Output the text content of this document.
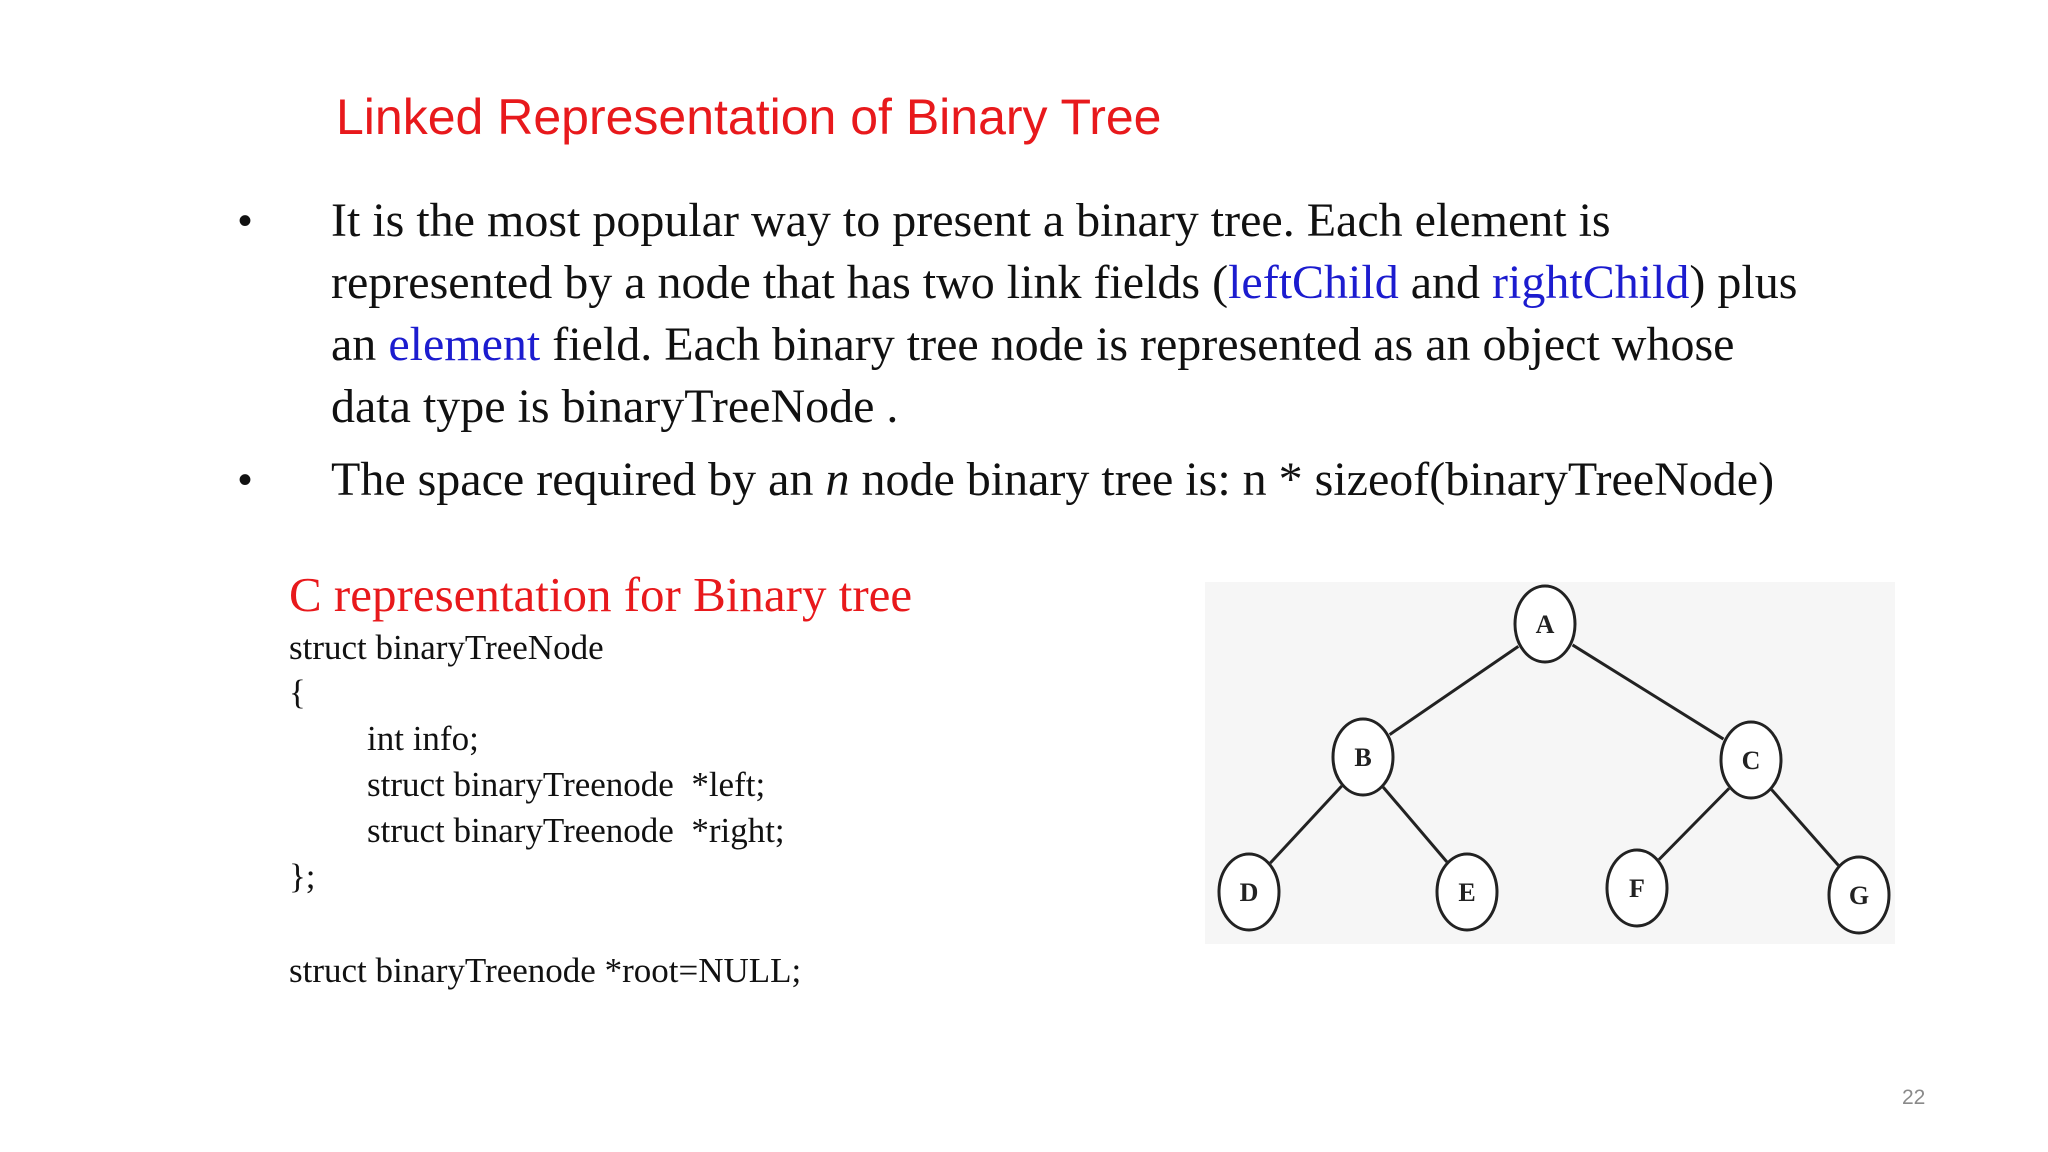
Linked Representation of Binary Tree
• It is the most popular way to present a binary tree. Each element is
represented by a node that has two link fields (leftChild and rightChild) plus
an element field. Each binary tree node is represented as an object whose
data type is binaryTreeNode .
• The space required by an n node binary tree is: n * sizeof(binaryTreeNode)
C representation for Binary tree
struct binaryTreeNode
{
int info;
struct binaryTreenode  *left;
struct binaryTreenode  *right;
};
struct binaryTreenode *root=NULL;
A
B	C
D	E	F	G
22
